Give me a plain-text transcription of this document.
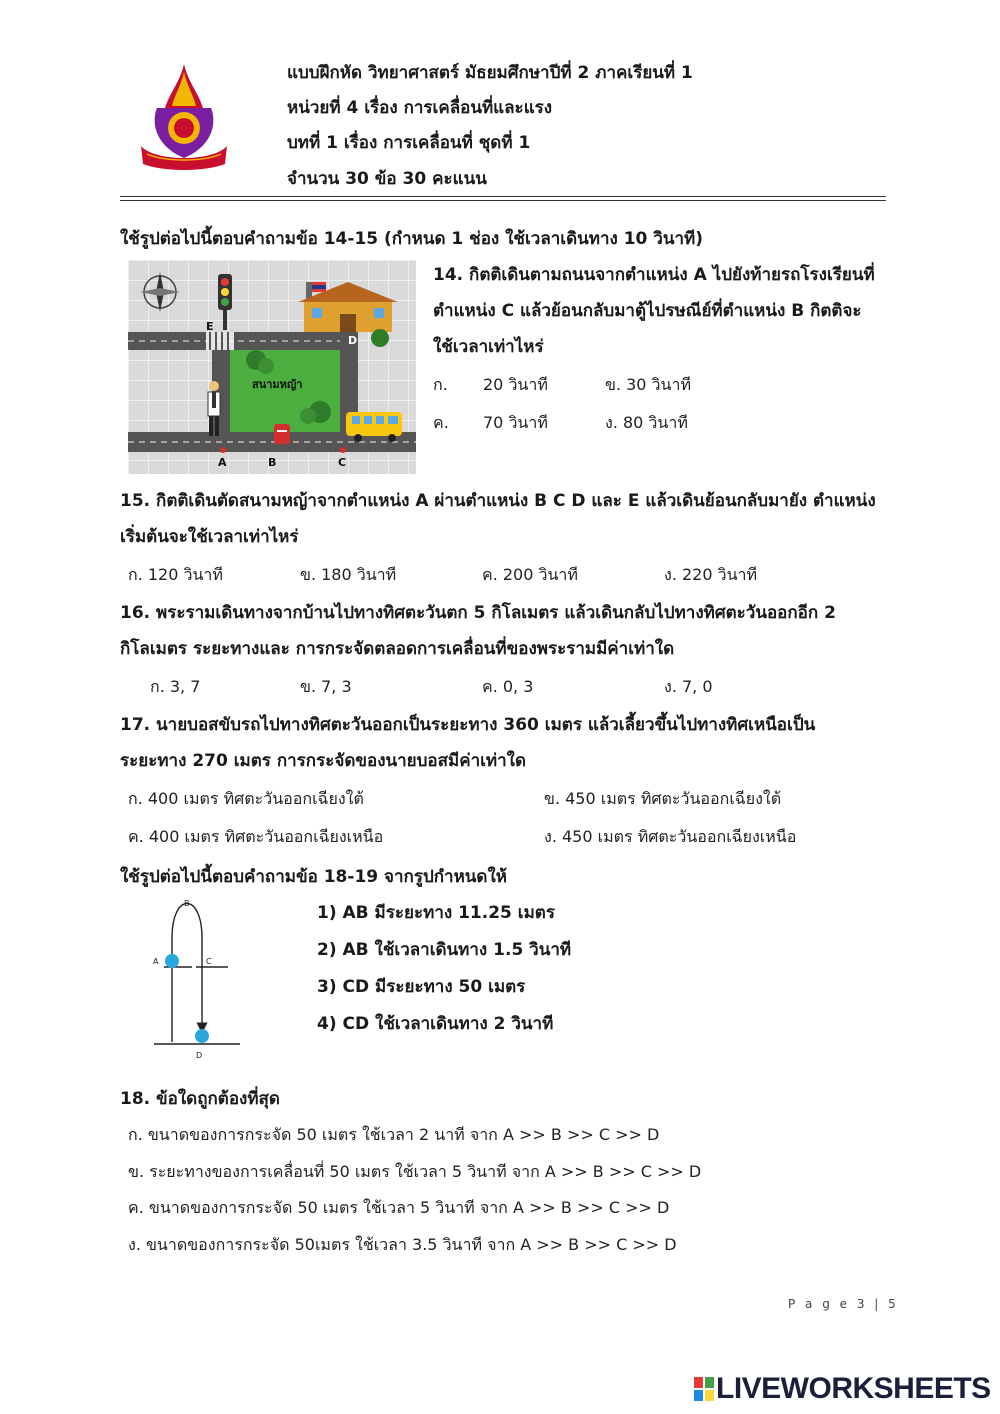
แบบฝึกหัด วิทยาศาสตร์ มัธยมศึกษาปีที่ 2 ภาคเรียนที่ 1
หน่วยที่ 4 เรื่อง การเคลื่อนที่และแรง
บทที่ 1 เรื่อง การเคลื่อนที่ ชุดที่ 1
จำนวน 30 ข้อ 30 คะแนน
ใช้รูปต่อไปนี้ตอบคำถามข้อ 14-15 (กำหนด 1 ช่อง ใช้เวลาเดินทาง 10 วินาที)
A	B	C
D
E
สนามหญ้า
14. กิตติเดินตามถนนจากตำแหน่ง A ไปยังท้ายรถโรงเรียนที่
ตำแหน่ง C แล้วย้อนกลับมาตู้ไปรษณีย์ที่ตำแหน่ง B กิตติจะ
ใช้เวลาเท่าไหร่
ก. 20 วินาที	ข. 30 วินาที
ค. 70 วินาที	ง. 80 วินาที
15. กิตติเดินตัดสนามหญ้าจากตำแหน่ง A ผ่านตำแหน่ง B C D และ E แล้วเดินย้อนกลับมายัง ตำแหน่ง
เริ่มต้นจะใช้เวลาเท่าไหร่
ก. 120 วินาที	ข. 180 วินาที	ค. 200 วินาที	ง. 220 วินาที
16. พระรามเดินทางจากบ้านไปทางทิศตะวันตก 5 กิโลเมตร แล้วเดินกลับไปทางทิศตะวันออกอีก 2
กิโลเมตร ระยะทางและ การกระจัดตลอดการเคลื่อนที่ของพระรามมีค่าเท่าใด
ก. 3, 7	ข. 7, 3	ค. 0, 3	ง. 7, 0
17. นายบอสขับรถไปทางทิศตะวันออกเป็นระยะทาง 360 เมตร แล้วเลี้ยวขึ้นไปทางทิศเหนือเป็น
ระยะทาง 270 เมตร การกระจัดของนายบอสมีค่าเท่าใด
ก. 400 เมตร ทิศตะวันออกเฉียงใต้	ข. 450 เมตร ทิศตะวันออกเฉียงใต้
ค. 400 เมตร ทิศตะวันออกเฉียงเหนือ	ง. 450 เมตร ทิศตะวันออกเฉียงเหนือ
ใช้รูปต่อไปนี้ตอบคำถามข้อ 18-19 จากรูปกำหนดให้
B
A	C
D
1) AB มีระยะทาง 11.25 เมตร
2) AB ใช้เวลาเดินทาง 1.5 วินาที
3) CD มีระยะทาง 50 เมตร
4) CD ใช้เวลาเดินทาง 2 วินาที
18. ข้อใดถูกต้องที่สุด
ก. ขนาดของการกระจัด 50 เมตร ใช้เวลา 2 นาที จาก A >> B >> C >> D
ข. ระยะทางของการเคลื่อนที่ 50 เมตร ใช้เวลา 5 วินาที จาก A >> B >> C >> D
ค. ขนาดของการกระจัด 50 เมตร ใช้เวลา 5 วินาที จาก A >> B >> C >> D
ง. ขนาดของการกระจัด 50เมตร ใช้เวลา 3.5 วินาที จาก A >> B >> C >> D
P a g e 3 | 5
LIVEWORKSHEETS
